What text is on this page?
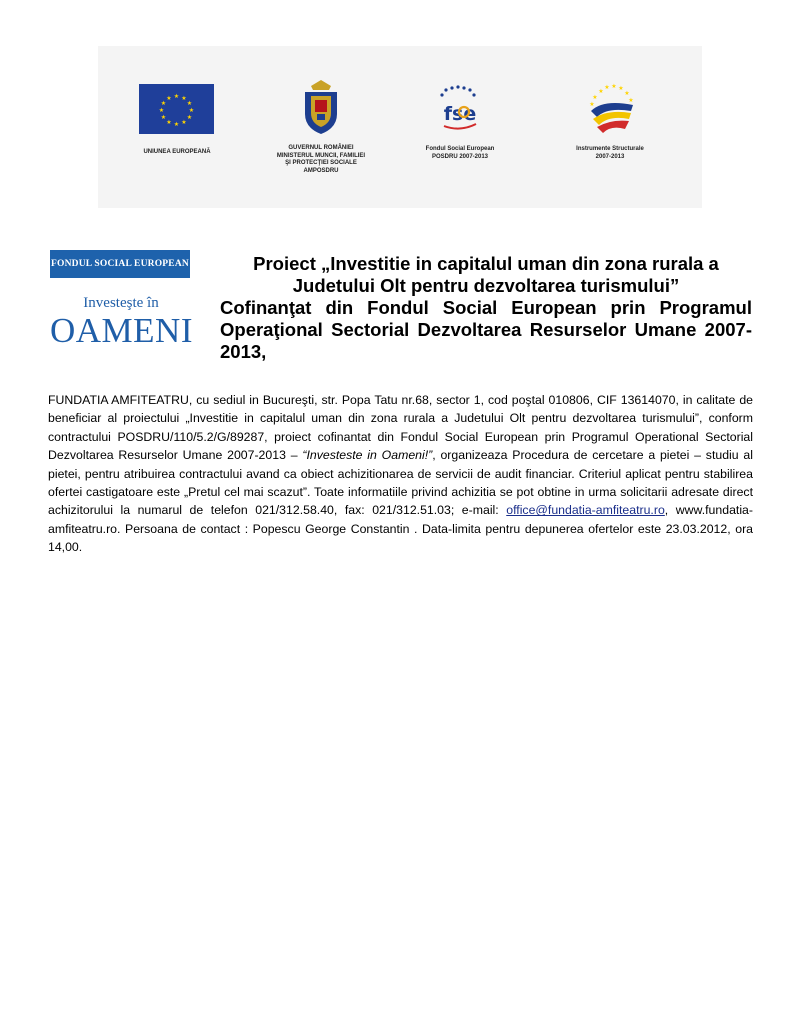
★ ★
★
★
★
★
★
★
★
★
★
★
UNIUNEA EUROPEANĂ
GUVERNUL ROMÂNIEI
MINISTERUL MUNCII, FAMILIEI
ŞI PROTECŢIEI SOCIALE
AMPOSDRU
fse
Fondul Social European
POSDRU 2007-2013
★
★ ★ ★
★
★	★
★
Instrumente Structurale
2007-2013
FONDUL SOCIAL EUROPEAN
Investeşte în
OAMENI

Proiect „Investitie in capitalul uman din zona rurala a Judetului Olt pentru dezvoltarea turismului”

Cofinanţat din Fondul Social European prin Programul Operaţional Sectorial Dezvoltarea Resurselor Umane 2007- 2013,

FUNDATIA AMFITEATRU, cu sediul in Bucureşti, str. Popa Tatu nr.68, sector 1, cod poştal 010806, CIF 13614070, in calitate de beneficiar al proiectului „Investitie in capitalul uman din zona rurala a Judetului Olt pentru dezvoltarea turismului”, conform contractului POSDRU/110/5.2/G/89287, proiect cofinantat din Fondul Social European prin Programul Operational Sectorial Dezvoltarea Resurselor Umane 2007-2013 – “Investeste in Oameni!”, organizeaza Procedura de cercetare a pietei – studiu al pietei, pentru atribuirea contractului avand ca obiect achizitionarea de servicii de audit financiar. Criteriul aplicat pentru stabilirea ofertei castigatoare este „Pretul cel mai scazut”. Toate informatiile privind achizitia se pot obtine in urma solicitarii adresate direct achizitorului la numarul de telefon 021/312.58.40, fax: 021/312.51.03; e-mail: office@fundatia-amfiteatru.ro, www.fundatia-amfiteatru.ro. Persoana de contact : Popescu George Constantin . Data-limita pentru depunerea ofertelor este 23.03.2012, ora 14,00.
